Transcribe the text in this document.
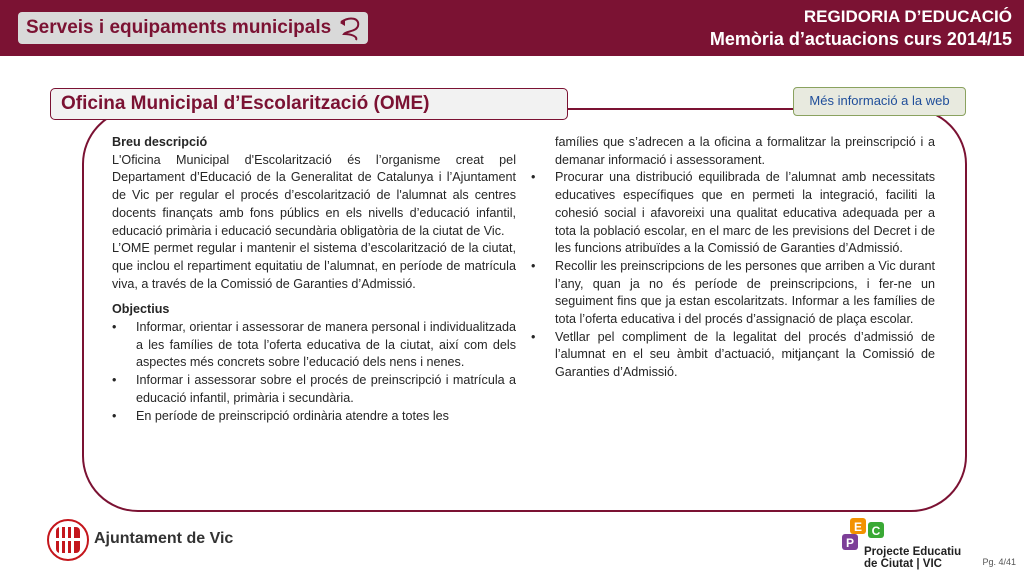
Serveis i equipaments municipals
REGIDORIA D’EDUCACIÓ
Memòria d’actuacions curs 2014/15
Oficina Municipal d’Escolarització (OME)	Més informació a la web

Breu descripció

L'Oficina Municipal d'Escolarització és l’organisme creat pel Departament d’Educació de la Generalitat de Catalunya i l’Ajuntament de Vic per regular el procés d’escolarització de l'alumnat als centres docents finançats amb fons públics en els nivells d’educació infantil, educació primària i educació secundària obligatòria de la ciutat de Vic.

L’OME permet regular i mantenir el sistema d’escolarització de la ciutat, que inclou el repartiment equitatiu de l’alumnat, en període de matrícula viva, a través de la Comissió de Garanties d’Admissió.

Objectius

• Informar, orientar i assessorar de manera personal i individualitzada a les famílies de tota l’oferta educativa de la ciutat, així com dels aspectes més concrets sobre l’educació dels nens i nenes.
• Informar i assessorar sobre el procés de preinscripció i matrícula a educació infantil, primària i secundària.
• En període de preinscripció ordinària atendre a totes les

famílies que s’adrecen a la oficina a formalitzar la preinscripció i a demanar informació i assessorament.

• Procurar una distribució equilibrada de l’alumnat amb necessitats educatives específiques que en permeti la integració, faciliti la cohesió social i afavoreixi una qualitat educativa adequada per a tota la població escolar, en el marc de les previsions del Decret i de les funcions atribuïdes a la Comissió de Garanties d’Admissió.
• Recollir les preinscripcions de les persones que arriben a Vic durant l’any, quan ja no és període de preinscripcions, i fer-ne un seguiment fins que ja estan escolaritzats. Informar a les famílies de tota l’oferta educativa i del procés d’assignació de plaça escolar.
• Vetllar pel compliment de la legalitat del procés d’admissió de l’alumnat en el seu àmbit d’actuació, mitjançant la Comissió de Garanties d’Admissió.
Ajuntament de Vic
E C
P
Projecte Educatiu
de Ciutat | VIC	Pg. 4/41
